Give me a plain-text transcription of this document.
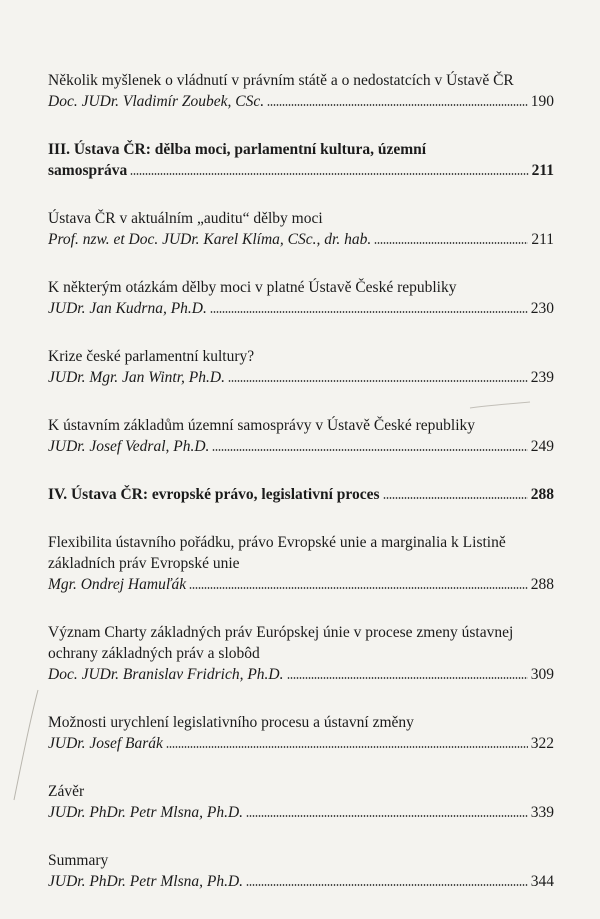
Několik myšlenek o vládnutí v právním státě a o nedostatcích v Ústavě ČR
Doc. JUDr. Vladimír Zoubek, CSc.	190
III. Ústava ČR: dělba moci, parlamentní kultura, územní
samospráva	211
Ústava ČR v aktuálním „auditu“ dělby moci
Prof. nzw. et Doc. JUDr. Karel Klíma, CSc., dr. hab.	211
K některým otázkám dělby moci v platné Ústavě České republiky
JUDr. Jan Kudrna, Ph.D.	230
Krize české parlamentní kultury?
JUDr. Mgr. Jan Wintr, Ph.D.	239
K ústavním základům územní samosprávy v Ústavě České republiky
JUDr. Josef Vedral, Ph.D.	249
IV. Ústava ČR: evropské právo, legislativní proces	288
Flexibilita ústavního pořádku, právo Evropské unie a marginalia k Listině základních práv Evropské unie
Mgr. Ondrej Hamuľák	288
Význam Charty základných práv Európskej únie v procese zmeny ústavnej ochrany základných práv a slobôd
Doc. JUDr. Branislav Fridrich, Ph.D.	309
Možnosti urychlení legislativního procesu a ústavní změny
JUDr. Josef Barák	322
Závěr
JUDr. PhDr. Petr Mlsna, Ph.D.	339
Summary
JUDr. PhDr. Petr Mlsna, Ph.D.	344
